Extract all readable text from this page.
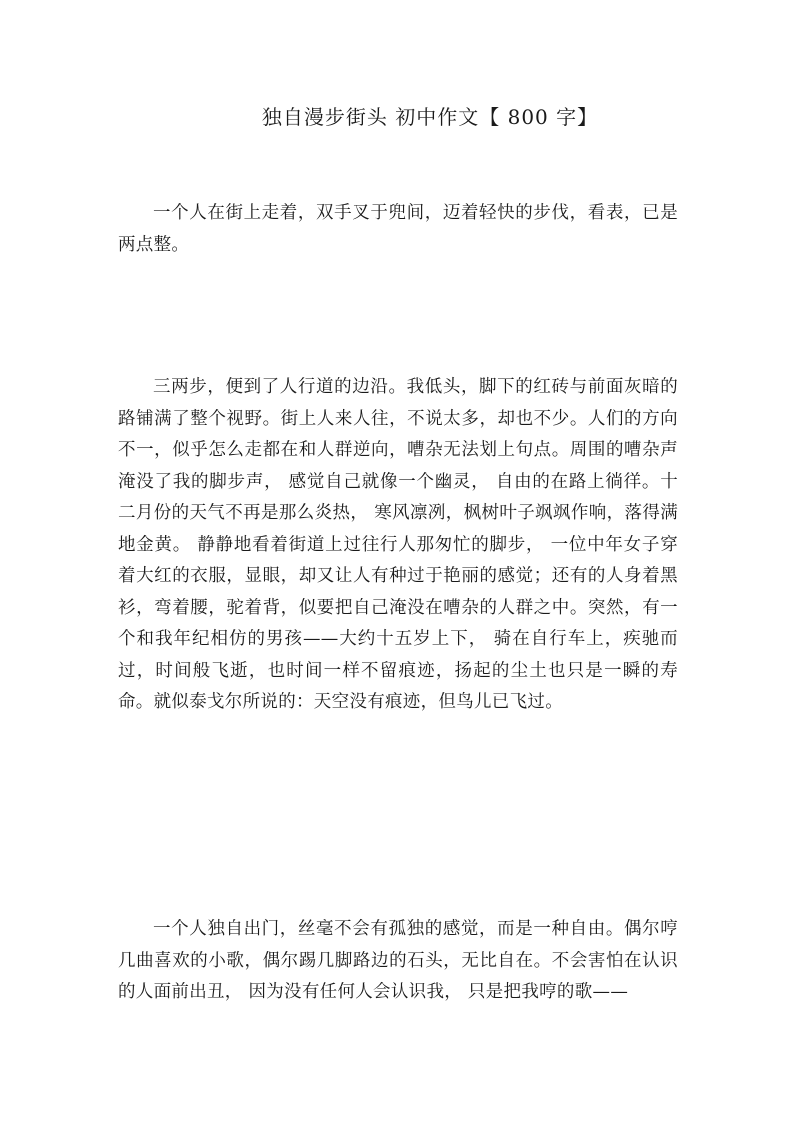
独自漫步街头 初中作文【 800 字】

一个人在街上走着，双手叉于兜间，迈着轻快的步伐，看表，已是两点整。

三两步，便到了人行道的边沿。我低头，脚下的红砖与前面灰暗的路铺满了整个视野。街上人来人往，不说太多，却也不少。人们的方向不一，似乎怎么走都在和人群逆向，嘈杂无法划上句点。周围的嘈杂声淹没了我的脚步声， 感觉自己就像一个幽灵， 自由的在路上徜徉。十二月份的天气不再是那么炎热， 寒风凛冽，枫树叶子飒飒作响，落得满地金黄。 静静地看着街道上过往行人那匆忙的脚步， 一位中年女子穿着大红的衣服，显眼，却又让人有种过于艳丽的感觉；还有的人身着黑衫，弯着腰，驼着背，似要把自己淹没在嘈杂的人群之中。突然，有一个和我年纪相仿的男孩——大约十五岁上下， 骑在自行车上，疾驰而过，时间般飞逝，也时间一样不留痕迹，扬起的尘土也只是一瞬的寿命。就似泰戈尔所说的：天空没有痕迹，但鸟儿已飞过。

一个人独自出门，丝毫不会有孤独的感觉，而是一种自由。偶尔哼几曲喜欢的小歌，偶尔踢几脚路边的石头，无比自在。不会害怕在认识的人面前出丑， 因为没有任何人会认识我， 只是把我哼的歌——
